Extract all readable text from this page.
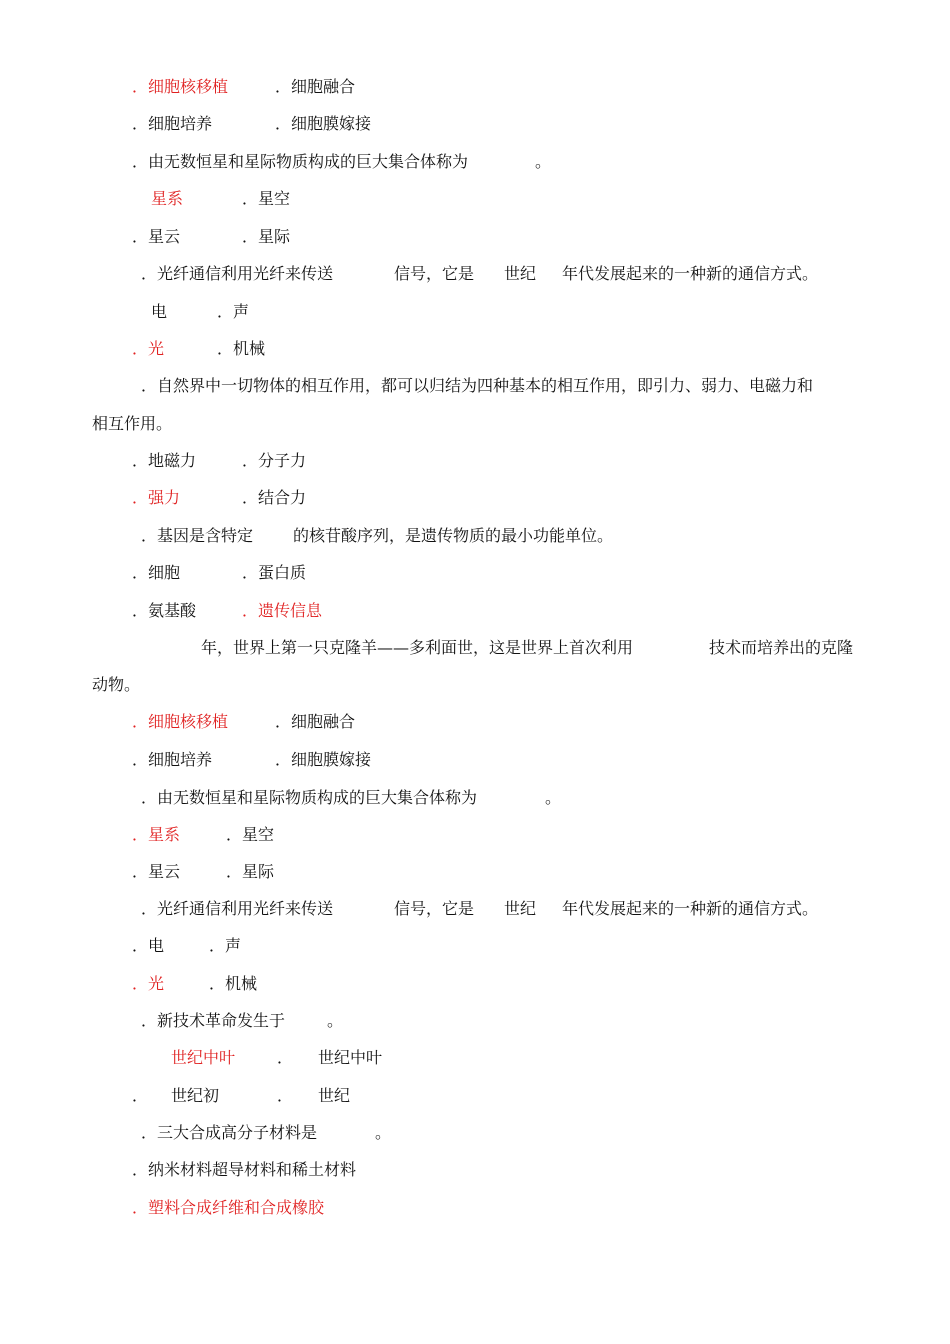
．细胞核移植	．细胞融合
．细胞培养	．细胞膜嫁接
．由无数恒星和星际物质构成的巨大集合体称为	。
星系	．星空
．星云	．星际
．光纤通信利用光纤来传送	信号，它是 世纪 年代发展起来的一种新的通信方式。
电	．声
．光	．机械
．自然界中一切物体的相互作用，都可以归结为四种基本的相互作用，即引力、弱力、电磁力和
相互作用。
．地磁力	．分子力
．强力	．结合力
．基因是含特定 的核苷酸序列，是遗传物质的最小功能单位。
．细胞	．蛋白质
．氨基酸	．遗传信息
年，世界上第一只克隆羊——多利面世，这是世界上首次利用	技术而培养出的克隆
动物。
．细胞核移植	．细胞融合
．细胞培养	．细胞膜嫁接
．由无数恒星和星际物质构成的巨大集合体称为	。
．星系	．星空
．星云	．星际
．光纤通信利用光纤来传送	信号，它是 世纪 年代发展起来的一种新的通信方式。
．电	．声
．光	．机械
．新技术革命发生于	。
世纪中叶	． 世纪中叶
． 世纪初	． 世纪
．三大合成高分子材料是	。
．纳米材料超导材料和稀土材料
．塑料合成纤维和合成橡胶
